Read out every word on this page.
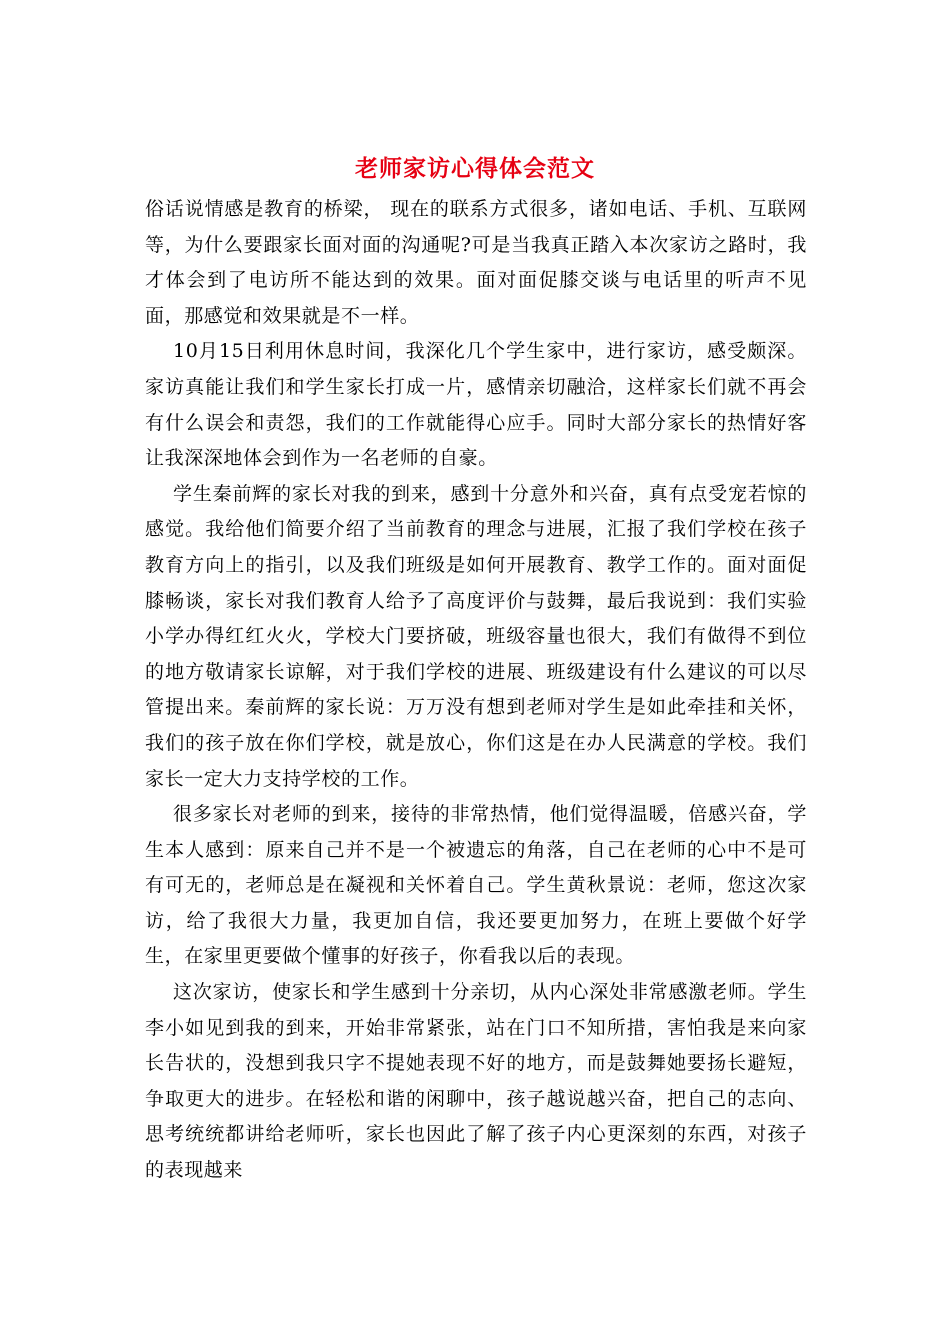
老师家访心得体会范文

俗话说情感是教育的桥梁， 现在的联系方式很多，诸如电话、手机、互联网等，为什么要跟家长面对面的沟通呢?可是当我真正踏入本次家访之路时，我才体会到了电访所不能达到的效果。面对面促膝交谈与电话里的听声不见面，那感觉和效果就是不一样。

10月15日利用休息时间，我深化几个学生家中，进行家访，感受颇深。 家访真能让我们和学生家长打成一片，感情亲切融洽，这样家长们就不再会有什么误会和责怨，我们的工作就能得心应手。同时大部分家长的热情好客让我深深地体会到作为一名老师的自豪。

学生秦前辉的家长对我的到来，感到十分意外和兴奋，真有点受宠若惊的感觉。我给他们简要介绍了当前教育的理念与进展，汇报了我们学校在孩子教育方向上的指引，以及我们班级是如何开展教育、教学工作的。面对面促膝畅谈，家长对我们教育人给予了高度评价与鼓舞，最后我说到：我们实验小学办得红红火火，学校大门要挤破，班级容量也很大，我们有做得不到位的地方敬请家长谅解，对于我们学校的进展、班级建设有什么建议的可以尽管提出来。秦前辉的家长说：万万没有想到老师对学生是如此牵挂和关怀，我们的孩子放在你们学校，就是放心，你们这是在办人民满意的学校。我们家长一定大力支持学校的工作。

很多家长对老师的到来，接待的非常热情，他们觉得温暖，倍感兴奋，学生本人感到：原来自己并不是一个被遗忘的角落，自己在老师的心中不是可有可无的，老师总是在凝视和关怀着自己。学生黄秋景说：老师，您这次家访，给了我很大力量，我更加自信，我还要更加努力，在班上要做个好学生，在家里更要做个懂事的好孩子，你看我以后的表现。

这次家访，使家长和学生感到十分亲切，从内心深处非常感激老师。学生李小如见到我的到来，开始非常紧张，站在门口不知所措，害怕我是来向家长告状的，没想到我只字不提她表现不好的地方，而是鼓舞她要扬长避短，争取更大的进步。在轻松和谐的闲聊中，孩子越说越兴奋，把自己的志向、思考统统都讲给老师听，家长也因此了解了孩子内心更深刻的东西，对孩子的表现越来
